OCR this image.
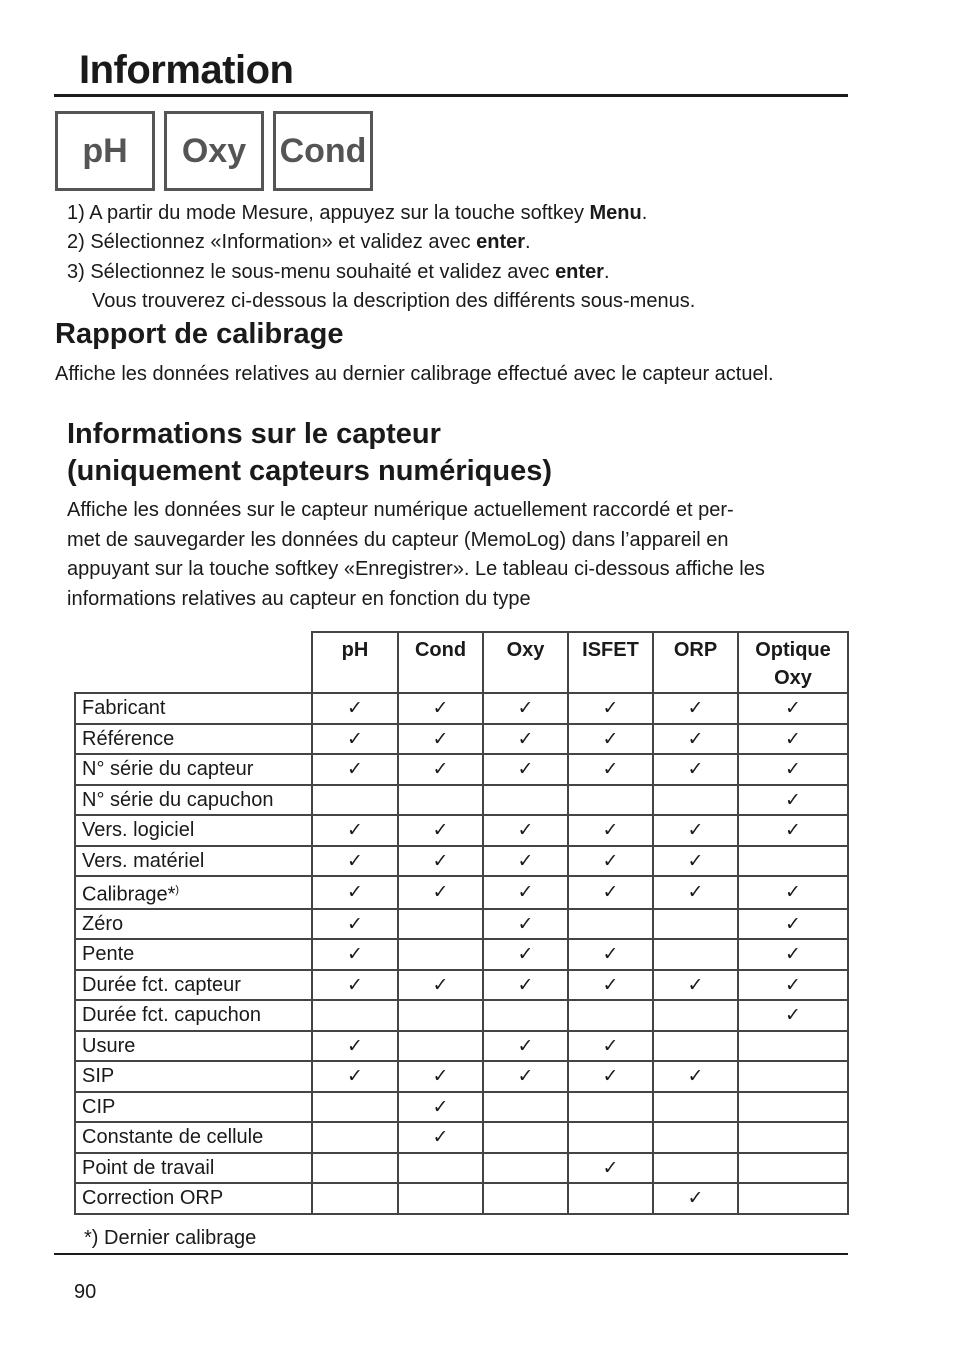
Information
pH	Oxy Cond
1) A partir du mode Mesure, appuyez sur la touche softkey Menu.
2) Sélectionnez «Information» et validez avec enter.
3) Sélectionnez le sous-menu souhaité et validez avec enter.
Vous trouverez ci-dessous la description des différents sous-menus.
Rapport de calibrage
Affiche les données relatives au dernier calibrage effectué avec le capteur actuel.
Informations sur le capteur
(uniquement capteurs numériques)
Affiche les données sur le capteur numérique actuellement raccordé et per-
met de sauvegarder les données du capteur (MemoLog) dans l’appareil en
appuyant sur la touche softkey «Enregistrer». Le tableau ci-dessous affiche les
informations relatives au capteur en fonction du type

	pH	Cond	Oxy	ISFET	ORP	Optique
Oxy

Fabricant	✓	✓	✓	✓	✓	✓
Référence	✓	✓	✓	✓	✓	✓
N° série du capteur	✓	✓	✓	✓	✓	✓
N° série du capuchon						✓
Vers. logiciel	✓	✓	✓	✓	✓	✓
Vers. matériel	✓	✓	✓	✓	✓	
Calibrage*)	✓	✓	✓	✓	✓	✓
Zéro	✓		✓			✓
Pente	✓		✓	✓		✓
Durée fct. capteur	✓	✓	✓	✓	✓	✓
Durée fct. capuchon						✓
Usure	✓		✓	✓		
SIP	✓	✓	✓	✓	✓	
CIP		✓				
Constante de cellule		✓				
Point de travail				✓		
Correction ORP					✓	
*) Dernier calibrage
90
